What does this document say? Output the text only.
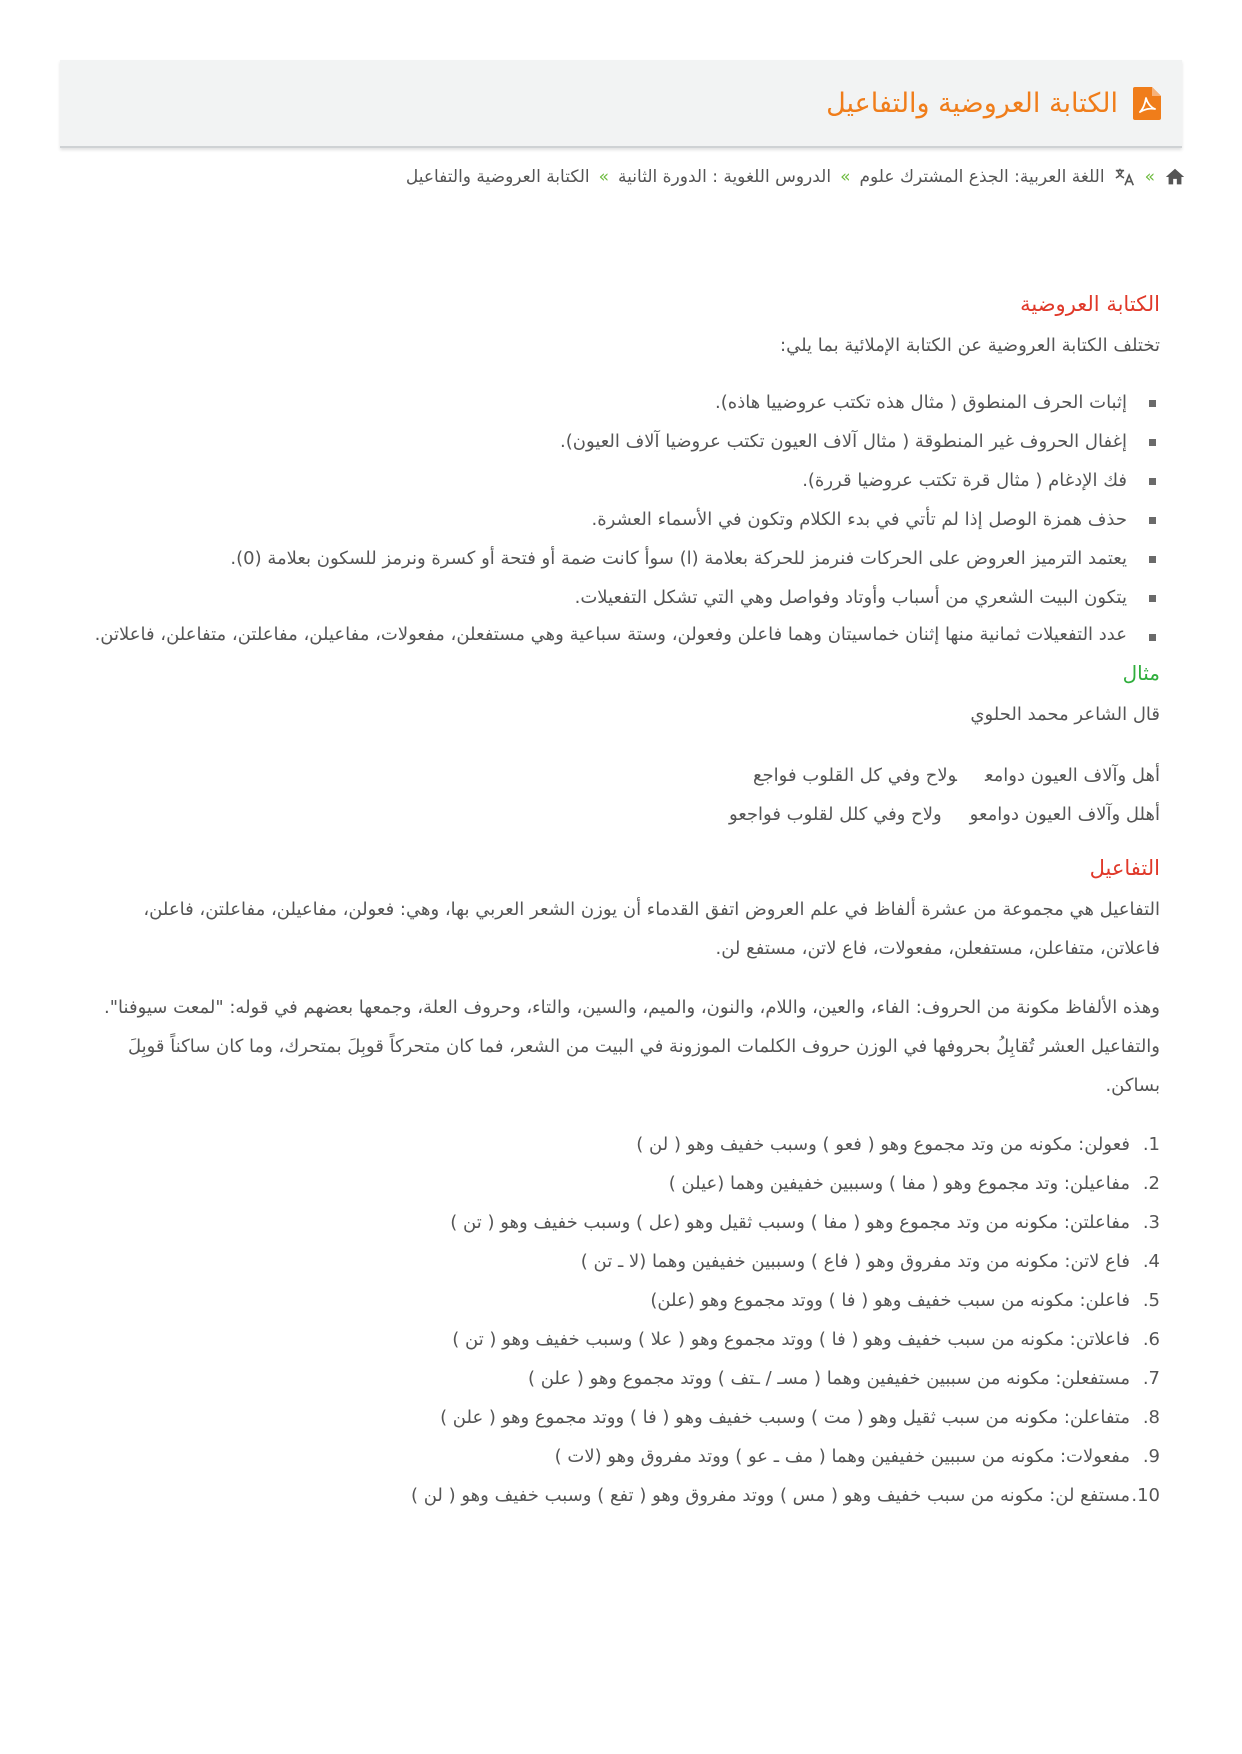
الكتابة العروضية والتفاعيل
»
اللغة العربية: الجذع المشترك علوم
»
الدروس اللغوية : الدورة الثانية
»
الكتابة العروضية والتفاعيل
الكتابة العروضية

تختلف الكتابة العروضية عن الكتابة الإملائية بما يلي:

إثبات الحرف المنطوق ( مثال هذه تكتب عروضييا هاذه).
إغفال الحروف غير المنطوقة ( مثال آلاف العيون تكتب عروضيا آلاف العيون).
فك الإدغام ( مثال قرة تكتب عروضيا قررة).
حذف همزة الوصل إذا لم تأتي في بدء الكلام وتكون في الأسماء العشرة.
يعتمد الترميز العروض على الحركات فنرمز للحركة بعلامة (ا) سوأ كانت ضمة أو فتحة أو كسرة ونرمز للسكون بعلامة (0).
يتكون البيت الشعري من أسباب وأوتاد وفواصل وهي التي تشكل التفعيلات.
عدد التفعيلات ثمانية منها إثنان خماسيتان وهما فاعلن وفعولن، وستة سباعية وهي مستفعلن، مفعولات، مفاعيلن، مفاعلتن، متفاعلن، فاعلاتن.
مثال

قال الشاعر محمد الحلوي

أهل وآلاف العيون دوامعولاح وفي كل القلوب فواجع

أهلل وآلاف العيون دوامعوولاح وفي كلل لقلوب فواجعو

التفاعيل

التفاعيل هي مجموعة من عشرة ألفاظ في علم العروض اتفق القدماء أن يوزن الشعر العربي بها، وهي: فعولن، مفاعيلن، مفاعلتن، فاعلن، فاعلاتن، متفاعلن، مستفعلن، مفعولات، فاع لاتن، مستفع لن.

وهذه الألفاظ مكونة من الحروف: الفاء، والعين، واللام، والنون، والميم، والسين، والتاء، وحروف العلة، وجمعها بعضهم في قوله: "لمعت سيوفنا". والتفاعيل العشر تُقابِلُ بحروفها في الوزن حروف الكلمات الموزونة في البيت من الشعر، فما كان متحركاً قوبِلَ بمتحرك، وما كان ساكناً قوبِلَ بساكن.

1.فعولن: مكونه من وتد مجموع وهو ( فعو ) وسبب خفيف وهو ( لن )
2.مفاعيلن: وتد مجموع وهو ( مفا ) وسببين خفيفين وهما (عيلن )
3.مفاعلتن: مكونه من وتد مجموع وهو ( مفا ) وسبب ثقيل وهو (عل ) وسبب خفيف وهو ( تن )
4.فاع لاتن: مكونه من وتد مفروق وهو ( فاع ) وسببين خفيفين وهما (لا ـ تن )
5.فاعلن: مكونه من سبب خفيف وهو ( فا ) ووتد مجموع وهو (علن)
6.فاعلاتن: مكونه من سبب خفيف وهو ( فا ) ووتد مجموع وهو ( علا ) وسبب خفيف وهو ( تن )
7.مستفعلن: مكونه من سببين خفيفين وهما ( مسـ / ـتف ) ووتد مجموع وهو ( علن )
8.متفاعلن: مكونه من سبب ثقيل وهو ( مت ) وسبب خفيف وهو ( فا ) ووتد مجموع وهو ( علن )
9.مفعولات: مكونه من سببين خفيفين وهما ( مف ـ عو ) ووتد مفروق وهو (لات )
10.مستفع لن: مكونه من سبب خفيف وهو ( مس ) ووتد مفروق وهو ( تفع ) وسبب خفيف وهو ( لن )
